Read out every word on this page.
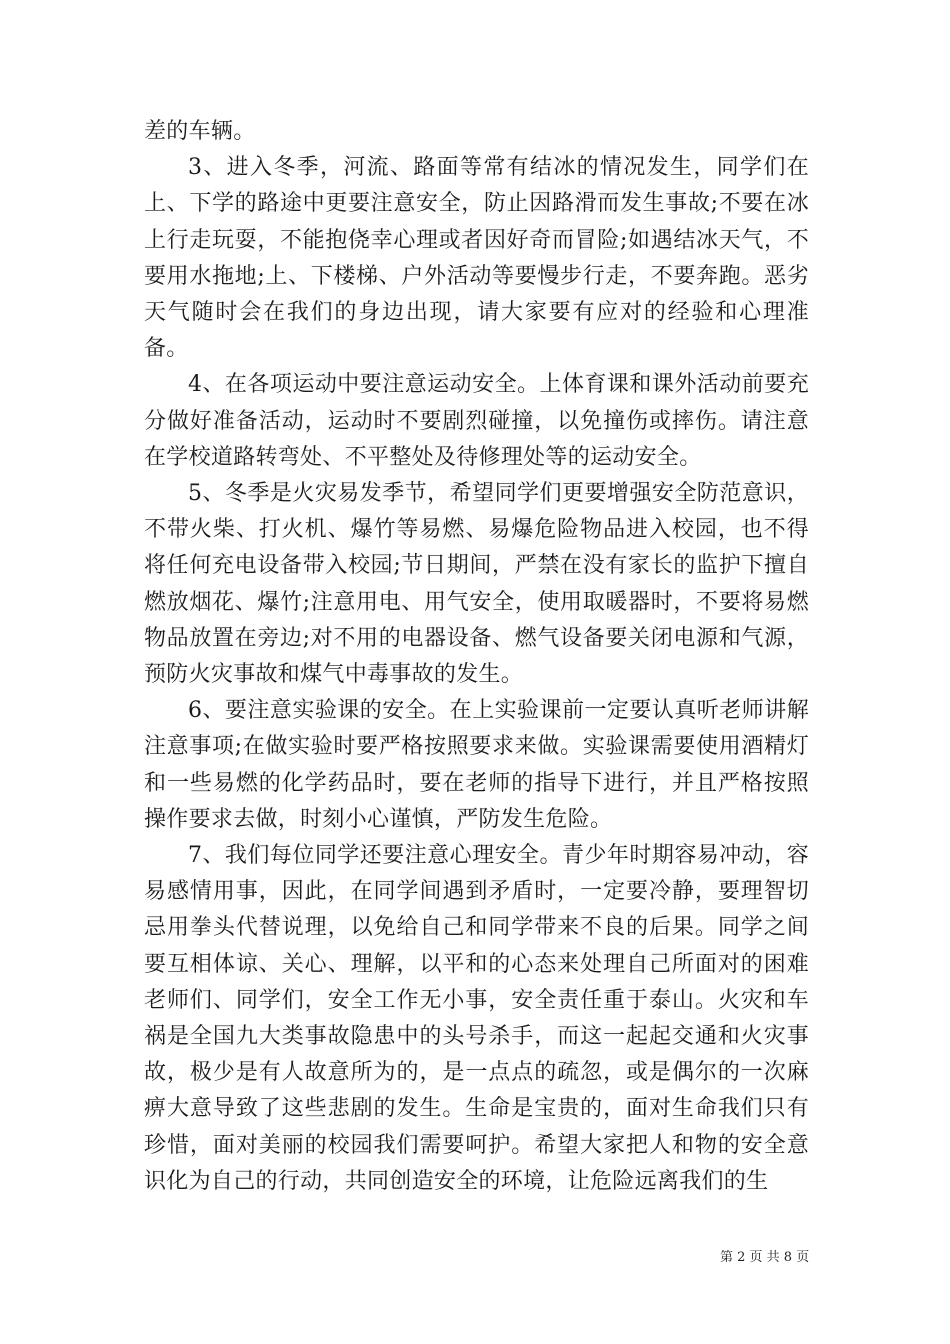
差的车辆。

3、进入冬季，河流、路面等常有结冰的情况发生，同学们在上、下学的路途中更要注意安全，防止因路滑而发生事故;不要在冰上行走玩耍，不能抱侥幸心理或者因好奇而冒险;如遇结冰天气，不要用水拖地;上、下楼梯、户外活动等要慢步行走，不要奔跑。恶劣天气随时会在我们的身边出现，请大家要有应对的经验和心理准备。

4、在各项运动中要注意运动安全。上体育课和课外活动前要充分做好准备活动，运动时不要剧烈碰撞，以免撞伤或摔伤。请注意在学校道路转弯处、不平整处及待修理处等的运动安全。

5、冬季是火灾易发季节，希望同学们更要增强安全防范意识，不带火柴、打火机、爆竹等易燃、易爆危险物品进入校园，也不得将任何充电设备带入校园;节日期间，严禁在没有家长的监护下擅自燃放烟花、爆竹;注意用电、用气安全，使用取暖器时，不要将易燃物品放置在旁边;对不用的电器设备、燃气设备要关闭电源和气源，预防火灾事故和煤气中毒事故的发生。

6、要注意实验课的安全。在上实验课前一定要认真听老师讲解注意事项;在做实验时要严格按照要求来做。实验课需要使用酒精灯和一些易燃的化学药品时，要在老师的指导下进行，并且严格按照操作要求去做，时刻小心谨慎，严防发生危险。

7、我们每位同学还要注意心理安全。青少年时期容易冲动，容易感情用事，因此，在同学间遇到矛盾时，一定要冷静，要理智切忌用拳头代替说理，以免给自己和同学带来不良的后果。同学之间要互相体谅、关心、理解，以平和的心态来处理自己所面对的困难老师们、同学们，安全工作无小事，安全责任重于泰山。火灾和车祸是全国九大类事故隐患中的头号杀手，而这一起起交通和火灾事故，极少是有人故意所为的，是一点点的疏忽，或是偶尔的一次麻痹大意导致了这些悲剧的发生。生命是宝贵的，面对生命我们只有珍惜，面对美丽的校园我们需要呵护。希望大家把人和物的安全意识化为自己的行动，共同创造安全的环境，让危险远离我们的生

第 2 页 共 8 页
